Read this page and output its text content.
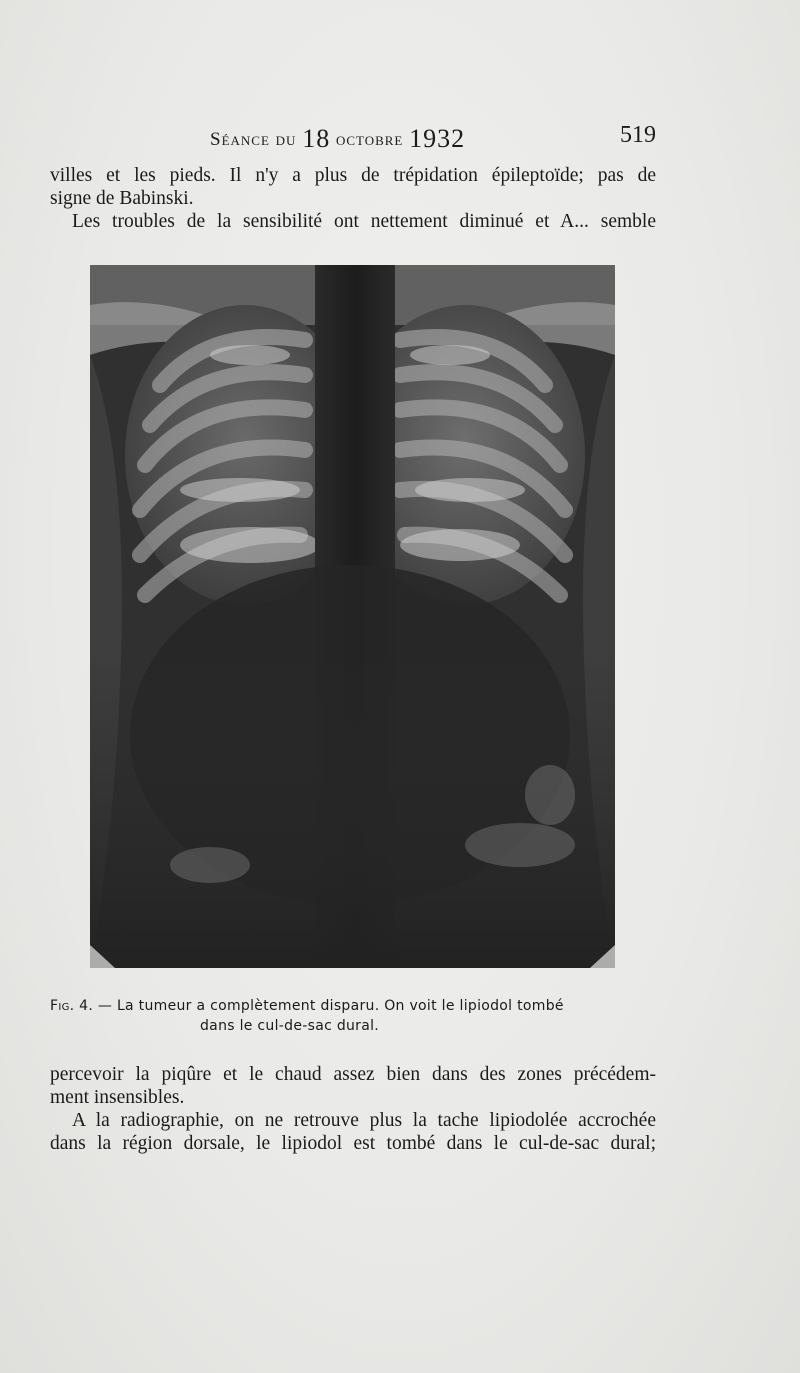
Séance du 18 octobre 1932	519
villes et les pieds. Il n'y a plus de trépidation épileptoïde; pas de
signe de Babinski.
Les troubles de la sensibilité ont nettement diminué et A... semble
Fig. 4. — La tumeur a complètement disparu. On voit le lipiodol tombé
dans le cul-de-sac dural.
percevoir la piqûre et le chaud assez bien dans des zones précédem-
ment insensibles.
A la radiographie, on ne retrouve plus la tache lipiodolée accrochée
dans la région dorsale, le lipiodol est tombé dans le cul-de-sac dural;
